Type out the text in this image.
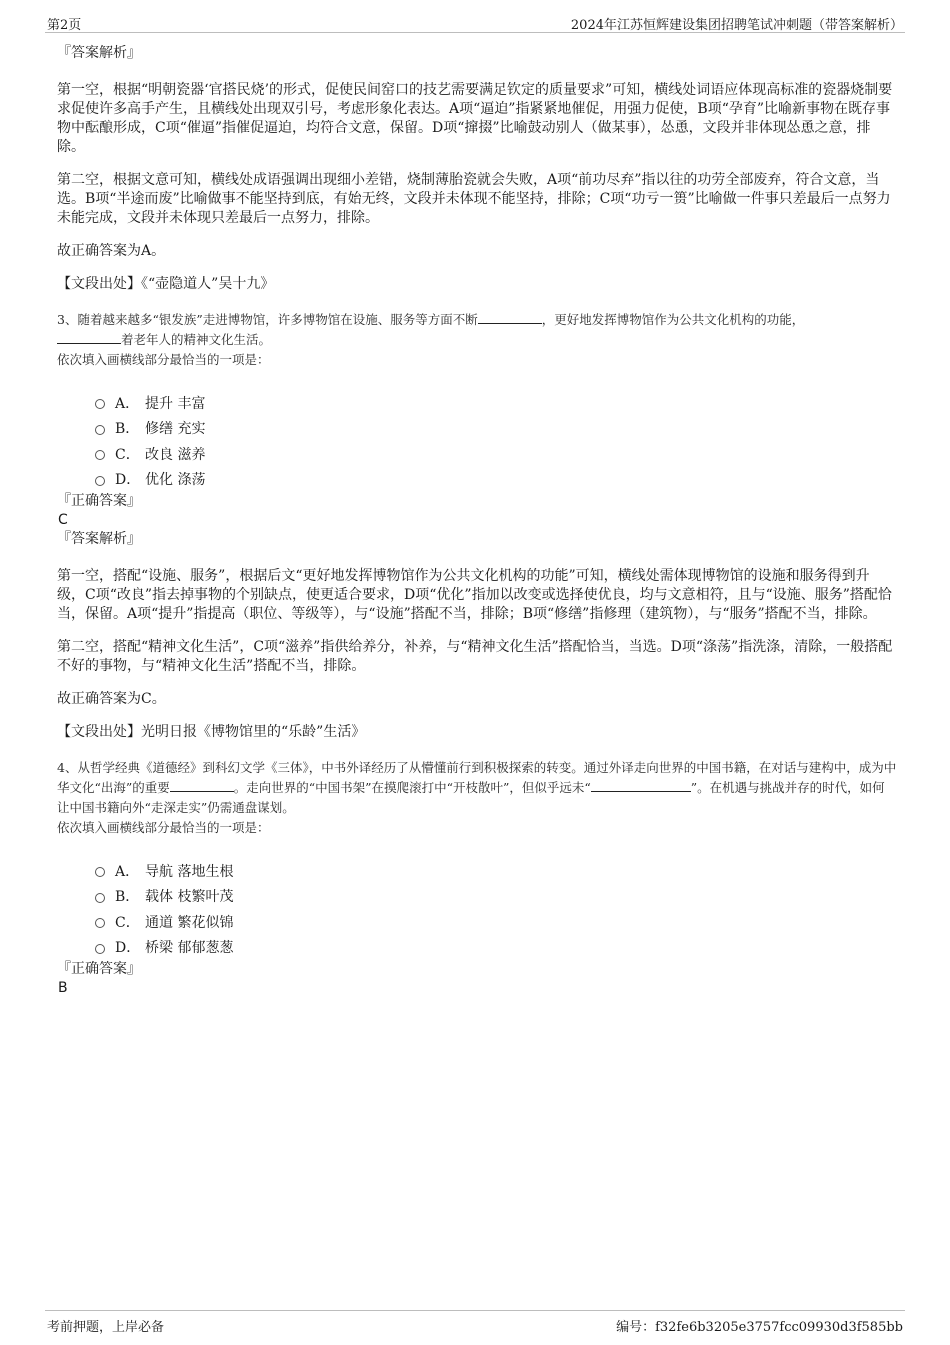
第2页	2024年江苏恒辉建设集团招聘笔试冲刺题（带答案解析）

『答案解析』

第一空，根据“明朝瓷器‘官搭民烧’的形式，促使民间窑口的技艺需要满足钦定的质量要求”可知，横线处词语应体现高标准的瓷器烧制要求促使许多高手产生，且横线处出现双引号，考虑形象化表达。A项“逼迫”指紧紧地催促，用强力促使，B项“孕育”比喻新事物在既存事物中酝酿形成，C项“催逼”指催促逼迫，均符合文意，保留。D项“撺掇”比喻鼓动别人（做某事），怂恿，文段并非体现怂恿之意，排除。

第二空，根据文意可知，横线处成语强调出现细小差错，烧制薄胎瓷就会失败，A项“前功尽弃”指以往的功劳全部废弃，符合文意，当选。B项“半途而废”比喻做事不能坚持到底，有始无终，文段并未体现不能坚持，排除；C项“功亏一篑”比喻做一件事只差最后一点努力未能完成，文段并未体现只差最后一点努力，排除。

故正确答案为A。

【文段出处】《“壶隐道人”吴十九》

3、随着越来越多“银发族”走进博物馆，许多博物馆在设施、服务等方面不断	，更好地发挥博物馆作为公共文化机构的功能，
着老年人的精神文化生活。

依次填入画横线部分最恰当的一项是：

A． 提升 丰富
B． 修缮 充实
C． 改良 滋养
D． 优化 涤荡

『正确答案』

C

『答案解析』

第一空，搭配“设施、服务”，根据后文“更好地发挥博物馆作为公共文化机构的功能”可知，横线处需体现博物馆的设施和服务得到升级，C项“改良”指去掉事物的个别缺点，使更适合要求，D项“优化”指加以改变或选择使优良，均与文意相符，且与“设施、服务”搭配恰当，保留。A项“提升”指提高（职位、等级等），与“设施”搭配不当，排除；B项“修缮”指修理（建筑物），与“服务”搭配不当，排除。

第二空，搭配“精神文化生活”，C项“滋养”指供给养分，补养，与“精神文化生活”搭配恰当，当选。D项“涤荡”指洗涤，清除，一般搭配不好的事物，与“精神文化生活”搭配不当，排除。

故正确答案为C。

【文段出处】光明日报《博物馆里的“乐龄”生活》

4、从哲学经典《道德经》到科幻文学《三体》，中书外译经历了从懵懂前行到积极探索的转变。通过外译走向世界的中国书籍，在对话与建构中，成为中华文化“出海”的重要	。走向世界的“中国书架”在摸爬滚打中“开枝散叶”，但似乎远未“	”。在机遇与挑战并存的时代，如何让中国书籍向外“走深走实”仍需通盘谋划。

依次填入画横线部分最恰当的一项是：

A． 导航 落地生根
B． 载体 枝繁叶茂
C． 通道 繁花似锦
D． 桥梁 郁郁葱葱

『正确答案』

B

考前押题，上岸必备	编号：f32fe6b3205e3757fcc09930d3f585bb
